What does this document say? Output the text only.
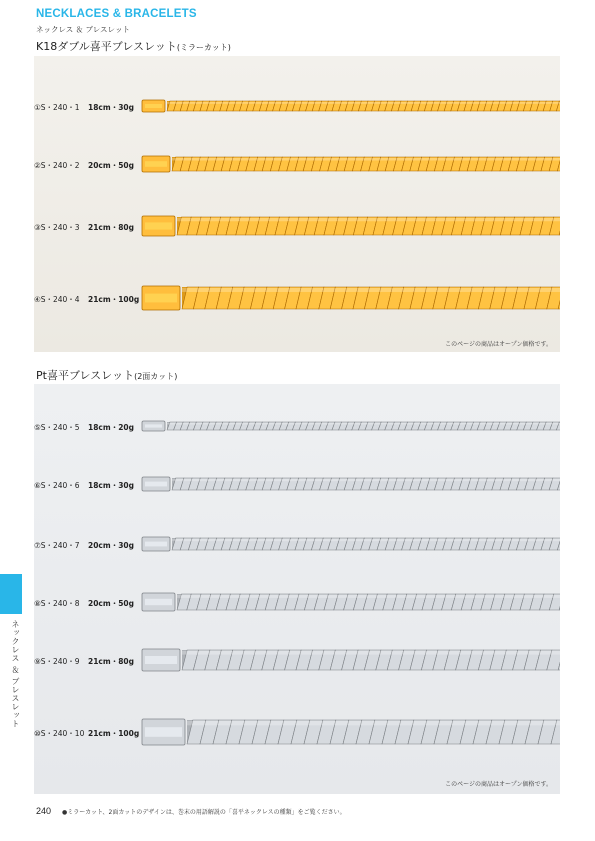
NECKLACES & BRACELETS
ネックレス ＆ ブレスレット
K18ダブル喜平ブレスレット(ミラーカット)
①S・240・1 18cm・30g
②S・240・2 20cm・50g
③S・240・3 21cm・80g
④S・240・4 21cm・100g
このページの商品はオープン価格です。
Pt喜平ブレスレット(2面カット)
⑤S・240・5 18cm・20g
⑥S・240・6 18cm・30g
⑦S・240・7 20cm・30g
⑧S・240・8 20cm・50g
⑨S・240・9 21cm・80g
⑩S・240・10 21cm・100g
このページの商品はオープン価格です。
ネックレス ＆ ブレスレット
240 ●ミラーカット、2面カットのデザインは、巻末の用語解説の「喜平ネックレスの種類」をご覧ください。
